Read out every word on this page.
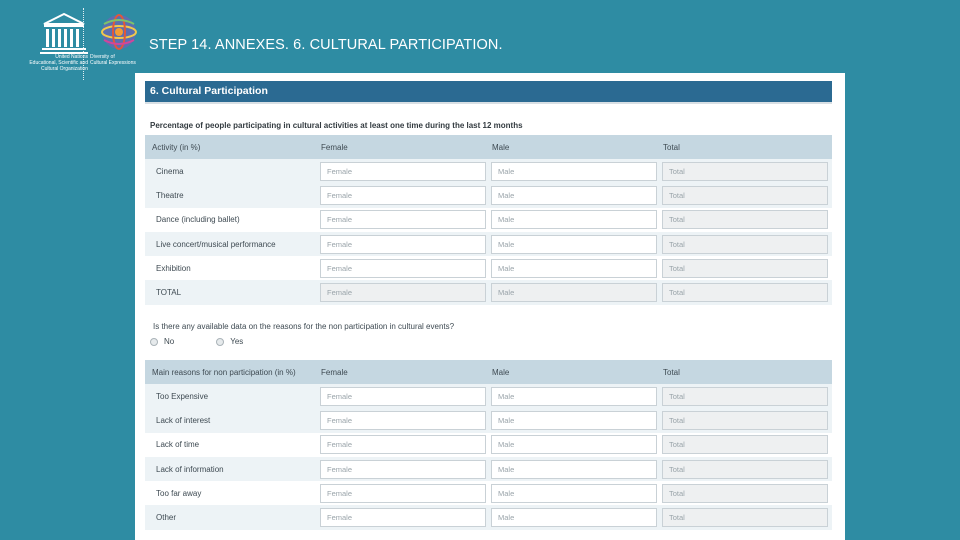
United Nations
Educational, Scientific and
Cultural Organization
Diversity of
Cultural Expressions
STEP 14. ANNEXES. 6. CULTURAL PARTICIPATION.
6. Cultural Participation
Percentage of people participating in cultural activities at least one time during the last 12 months
Activity (in %)	Female	Male	Total
Cinema	Female	Male	Total
Theatre	Female	Male	Total
Dance (including ballet)	Female	Male	Total
Live concert/musical performance	Female	Male	Total
Exhibition	Female	Male	Total
TOTAL	Female	Male	Total
Is there any available data on the reasons for the non participation in cultural events?
No	Yes
Main reasons for non participation (in %)	Female	Male	Total
Too Expensive	Female	Male	Total
Lack of interest	Female	Male	Total
Lack of time	Female	Male	Total
Lack of information	Female	Male	Total
Too far away	Female	Male	Total
Other	Female	Male	Total
